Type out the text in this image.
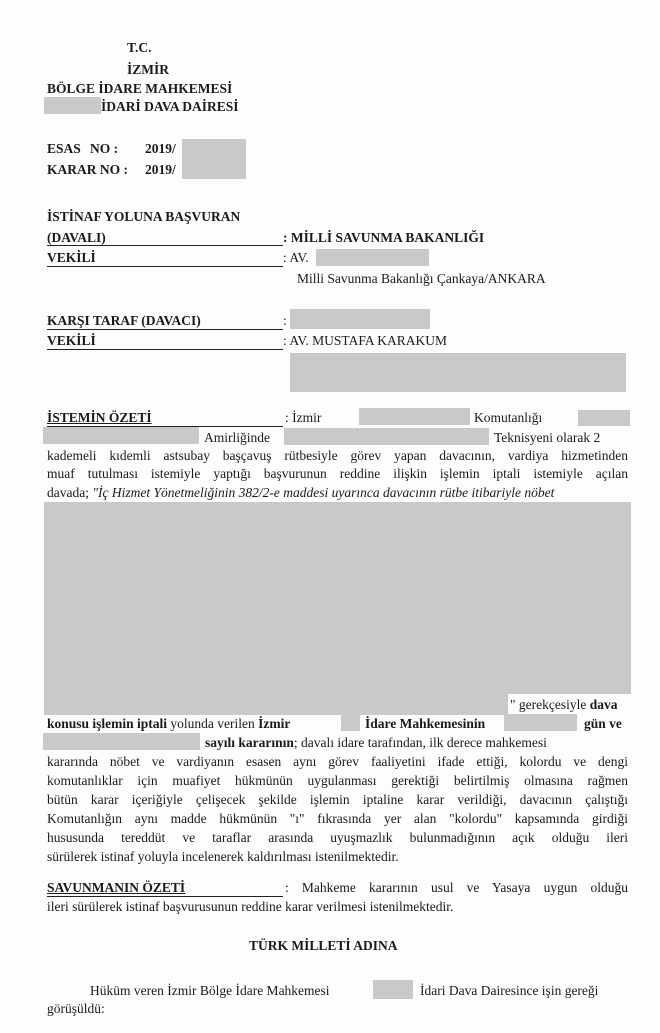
T.C.
İZMİR
BÖLGE İDARE MAHKEMESİ
İDARİ DAVA DAİRESİ
ESAS NO : 2019/
KARAR NO : 2019/
İSTİNAF YOLUNA BAŞVURAN
(DAVALI)	: MİLLİ SAVUNMA BAKANLIĞI
VEKİLİ	: AV.
Milli Savunma Bakanlığı Çankaya/ANKARA
KARŞI TARAF (DAVACI)	:
VEKİLİ	: AV. MUSTAFA KARAKUM
İSTEMİN ÖZETİ	: İzmir	Komutanlığı
Amirliğinde	Teknisyeni olarak 2
kademeli kıdemli astsubay başçavuş rütbesiyle görev yapan davacının, vardiya hizmetinden
muaf tutulması istemiyle yaptığı başvurunun reddine ilişkin işlemin iptali istemiyle açılan
davada; "İç Hizmet Yönetmeliğinin 382/2-e maddesi uyarınca davacının rütbe itibariyle nöbet
" gerekçesiyle dava
konusu işlemin iptali yolunda verilen İzmir	İdare Mahkemesinin	gün ve
sayılı kararının; davalı idare tarafından, ilk derece mahkemesi
kararında nöbet ve vardiyanın esasen aynı görev faaliyetini ifade ettiği, kolordu ve dengi
komutanlıklar için muafiyet hükmünün uygulanması gerektiği belirtilmiş olmasına rağmen
bütün karar içeriğiyle çelişecek şekilde işlemin iptaline karar verildiği, davacının çalıştığı
Komutanlığın aynı madde hükmünün "ı" fıkrasında yer alan "kolordu" kapsamında girdiği
hususunda tereddüt ve taraflar arasında uyuşmazlık bulunmadığının açık olduğu ileri
sürülerek istinaf yoluyla incelenerek kaldırılması istenilmektedir.
SAVUNMANIN ÖZETİ	: Mahkeme kararının usul ve Yasaya uygun olduğu
ileri sürülerek istinaf başvurusunun reddine karar verilmesi istenilmektedir.
TÜRK MİLLETİ ADINA
Hüküm veren İzmir Bölge İdare Mahkemesi	İdari Dava Dairesince işin gereği
görüşüldü:
